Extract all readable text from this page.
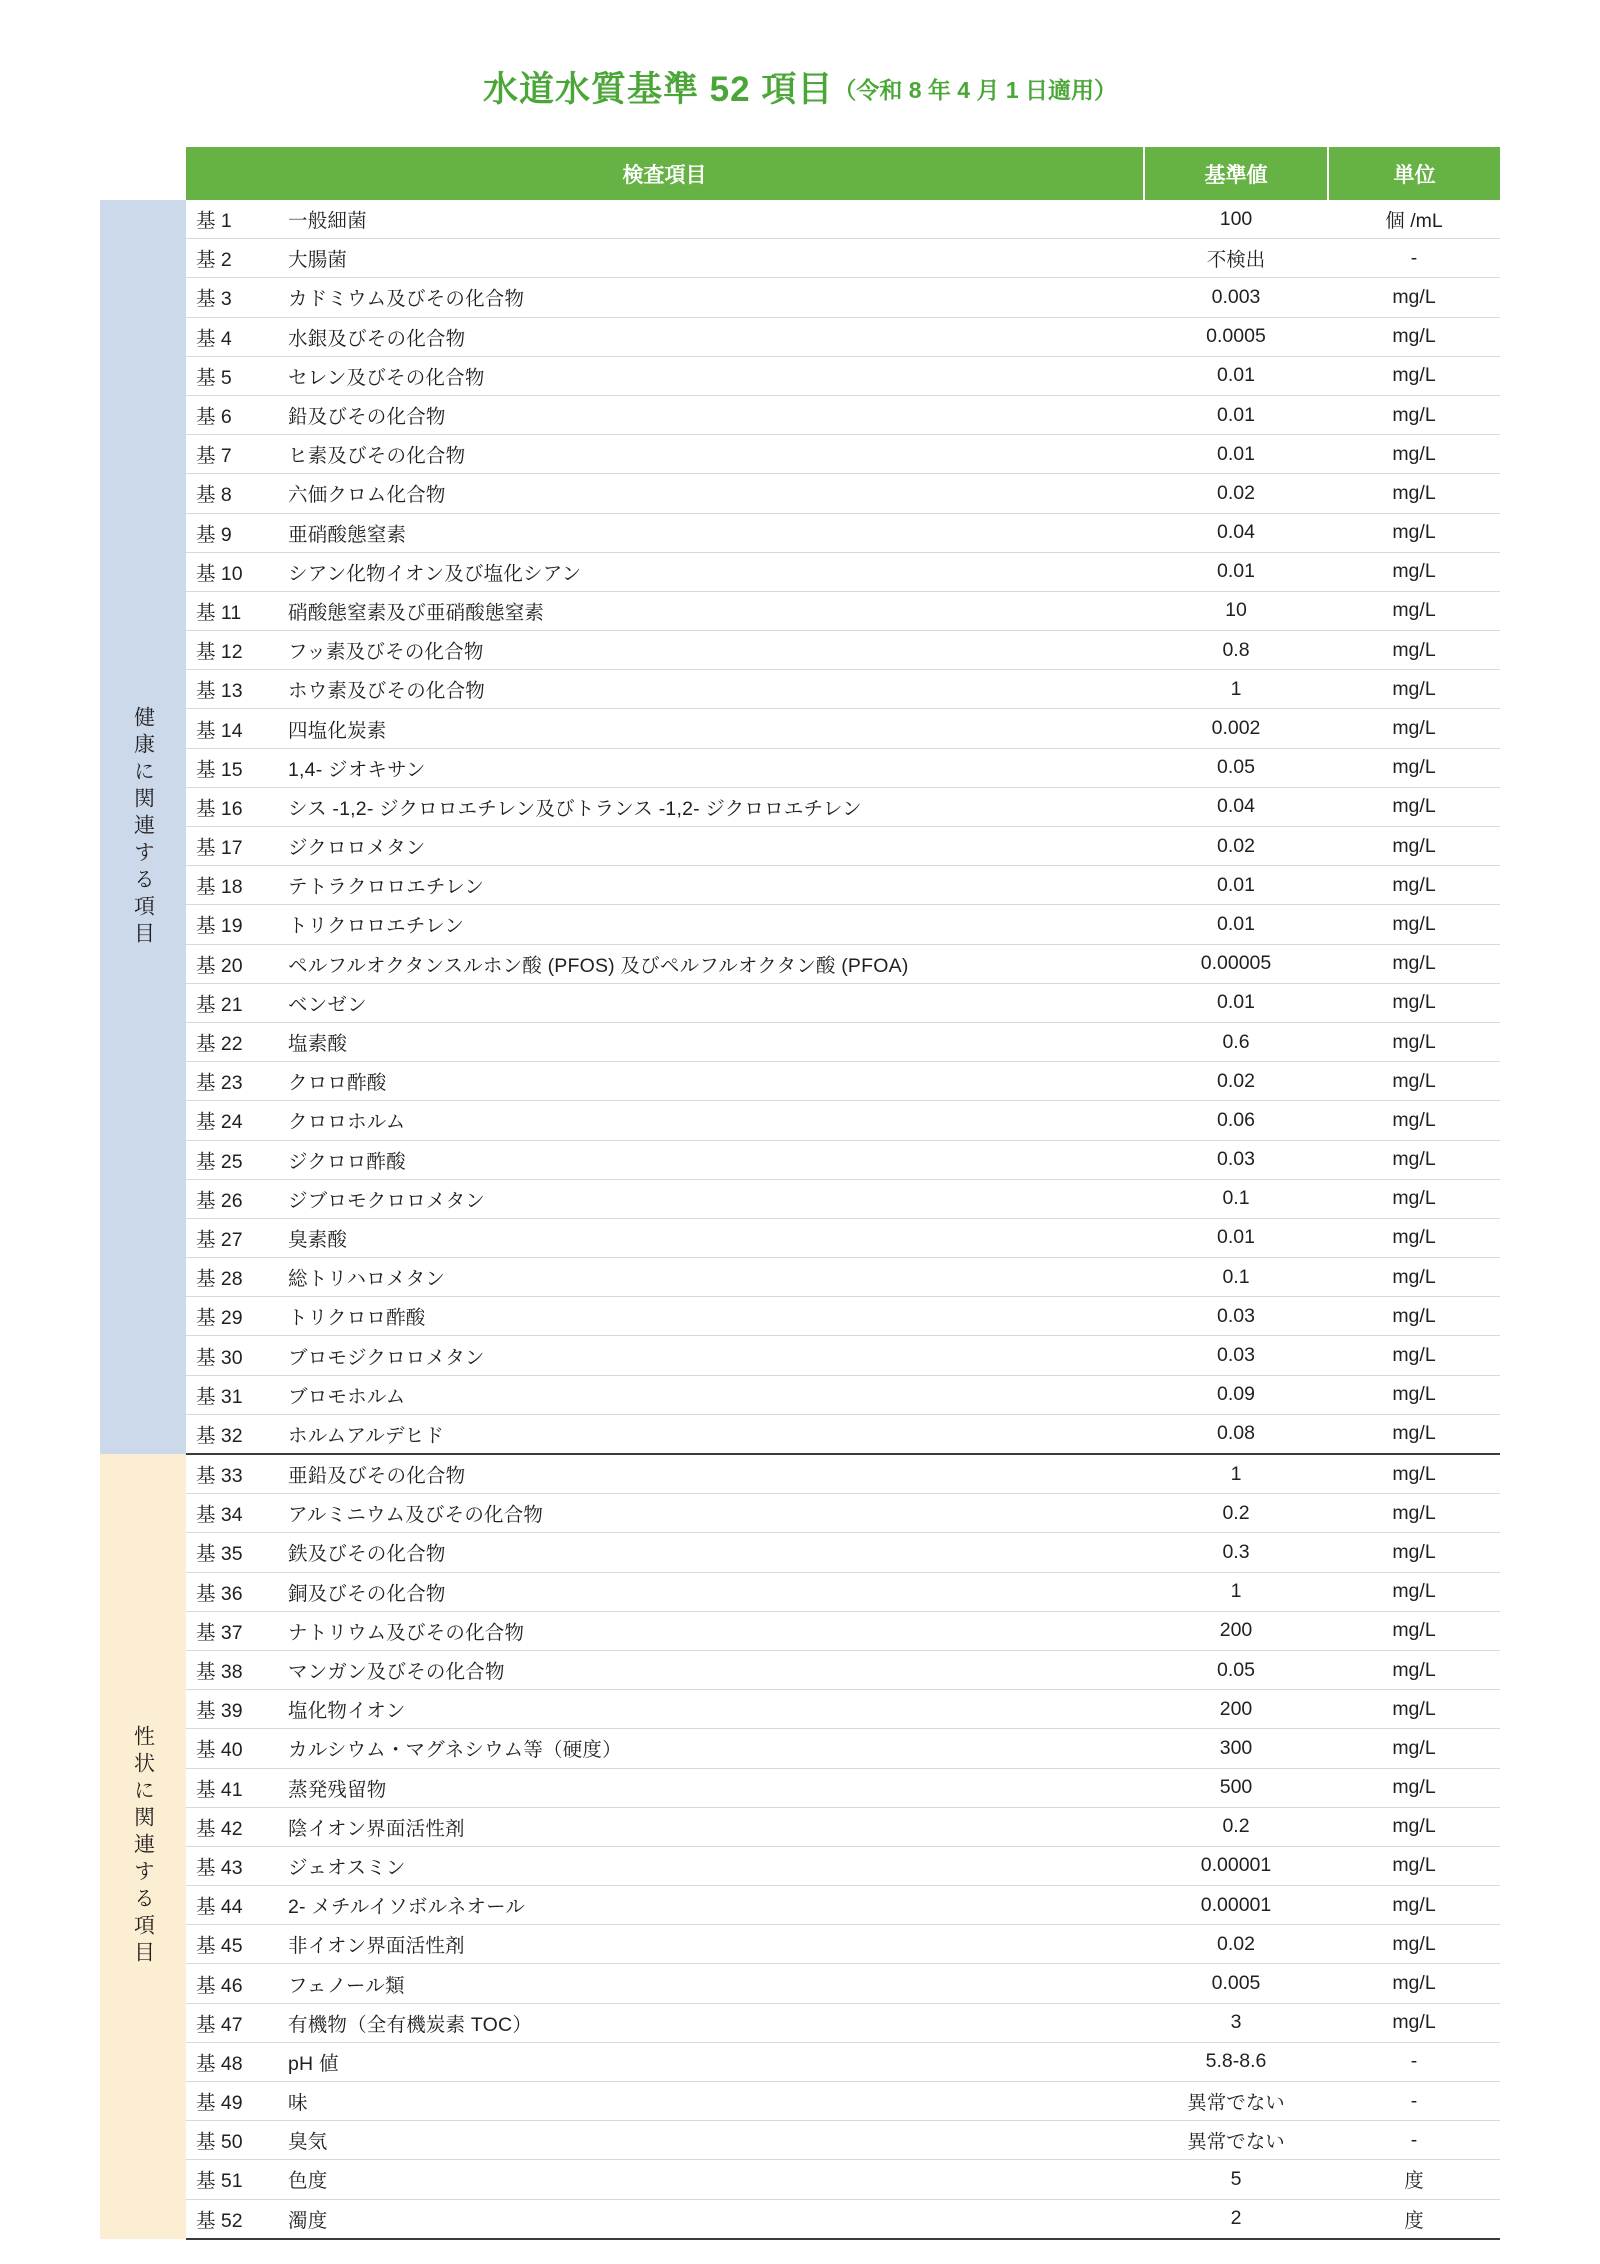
水道水質基準 52 項目（令和 8 年 4 月 1 日適用）
	検査項目		基準値	単位

健康に関連する項目	基 1	一般細菌	100	個 /mL
	基 2	大腸菌	不検出	-
	基 3	カドミウム及びその化合物	0.003	mg/L
	基 4	水銀及びその化合物	0.0005	mg/L
	基 5	セレン及びその化合物	0.01	mg/L
	基 6	鉛及びその化合物	0.01	mg/L
	基 7	ヒ素及びその化合物	0.01	mg/L
	基 8	六価クロム化合物	0.02	mg/L
	基 9	亜硝酸態窒素	0.04	mg/L
	基 10	シアン化物イオン及び塩化シアン	0.01	mg/L
	基 11	硝酸態窒素及び亜硝酸態窒素	10	mg/L
	基 12	フッ素及びその化合物	0.8	mg/L
	基 13	ホウ素及びその化合物	1	mg/L
	基 14	四塩化炭素	0.002	mg/L
	基 15	1,4- ジオキサン	0.05	mg/L
	基 16	シス -1,2- ジクロロエチレン及びトランス -1,2- ジクロロエチレン	0.04	mg/L
	基 17	ジクロロメタン	0.02	mg/L
	基 18	テトラクロロエチレン	0.01	mg/L
	基 19	トリクロロエチレン	0.01	mg/L
	基 20	ペルフルオクタンスルホン酸 (PFOS) 及びペルフルオクタン酸 (PFOA)	0.00005	mg/L
	基 21	ベンゼン	0.01	mg/L
	基 22	塩素酸	0.6	mg/L
	基 23	クロロ酢酸	0.02	mg/L
	基 24	クロロホルム	0.06	mg/L
	基 25	ジクロロ酢酸	0.03	mg/L
	基 26	ジブロモクロロメタン	0.1	mg/L
	基 27	臭素酸	0.01	mg/L
	基 28	総トリハロメタン	0.1	mg/L
	基 29	トリクロロ酢酸	0.03	mg/L
	基 30	ブロモジクロロメタン	0.03	mg/L
	基 31	ブロモホルム	0.09	mg/L
	基 32	ホルムアルデヒド	0.08	mg/L

性状に関連する項目	基 33	亜鉛及びその化合物	1	mg/L
	基 34	アルミニウム及びその化合物	0.2	mg/L
	基 35	鉄及びその化合物	0.3	mg/L
	基 36	銅及びその化合物	1	mg/L
	基 37	ナトリウム及びその化合物	200	mg/L
	基 38	マンガン及びその化合物	0.05	mg/L
	基 39	塩化物イオン	200	mg/L
	基 40	カルシウム・マグネシウム等（硬度）	300	mg/L
	基 41	蒸発残留物	500	mg/L
	基 42	陰イオン界面活性剤	0.2	mg/L
	基 43	ジェオスミン	0.00001	mg/L
	基 44	2- メチルイソボルネオール	0.00001	mg/L
	基 45	非イオン界面活性剤	0.02	mg/L
	基 46	フェノール類	0.005	mg/L
	基 47	有機物（全有機炭素 TOC）	3	mg/L
	基 48	pH 値	5.8-8.6	-
	基 49	味	異常でない	-
	基 50	臭気	異常でない	-
	基 51	色度	5	度
	基 52	濁度	2	度
